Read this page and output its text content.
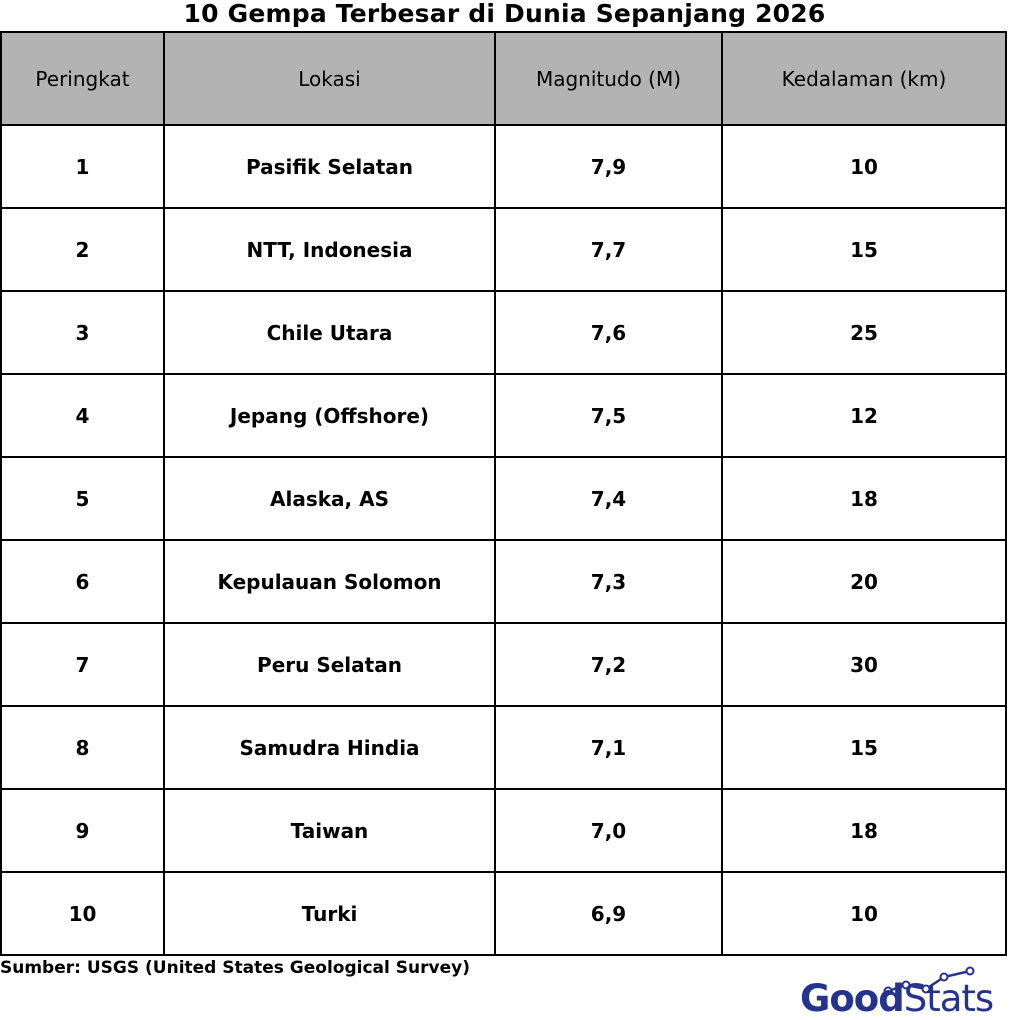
10 Gempa Terbesar di Dunia Sepanjang 2026
Peringkat	Lokasi	Magnitudo (M)	Kedalaman (km)
1	Pasifik Selatan	7,9	10
2	NTT, Indonesia	7,7	15
3	Chile Utara	7,6	25
4	Jepang (Offshore)	7,5	12
5	Alaska, AS	7,4	18
6	Kepulauan Solomon	7,3	20
7	Peru Selatan	7,2	30
8	Samudra Hindia	7,1	15
9	Taiwan	7,0	18
10	Turki	6,9	10
Sumber: USGS (United States Geological Survey)
GoodStats
